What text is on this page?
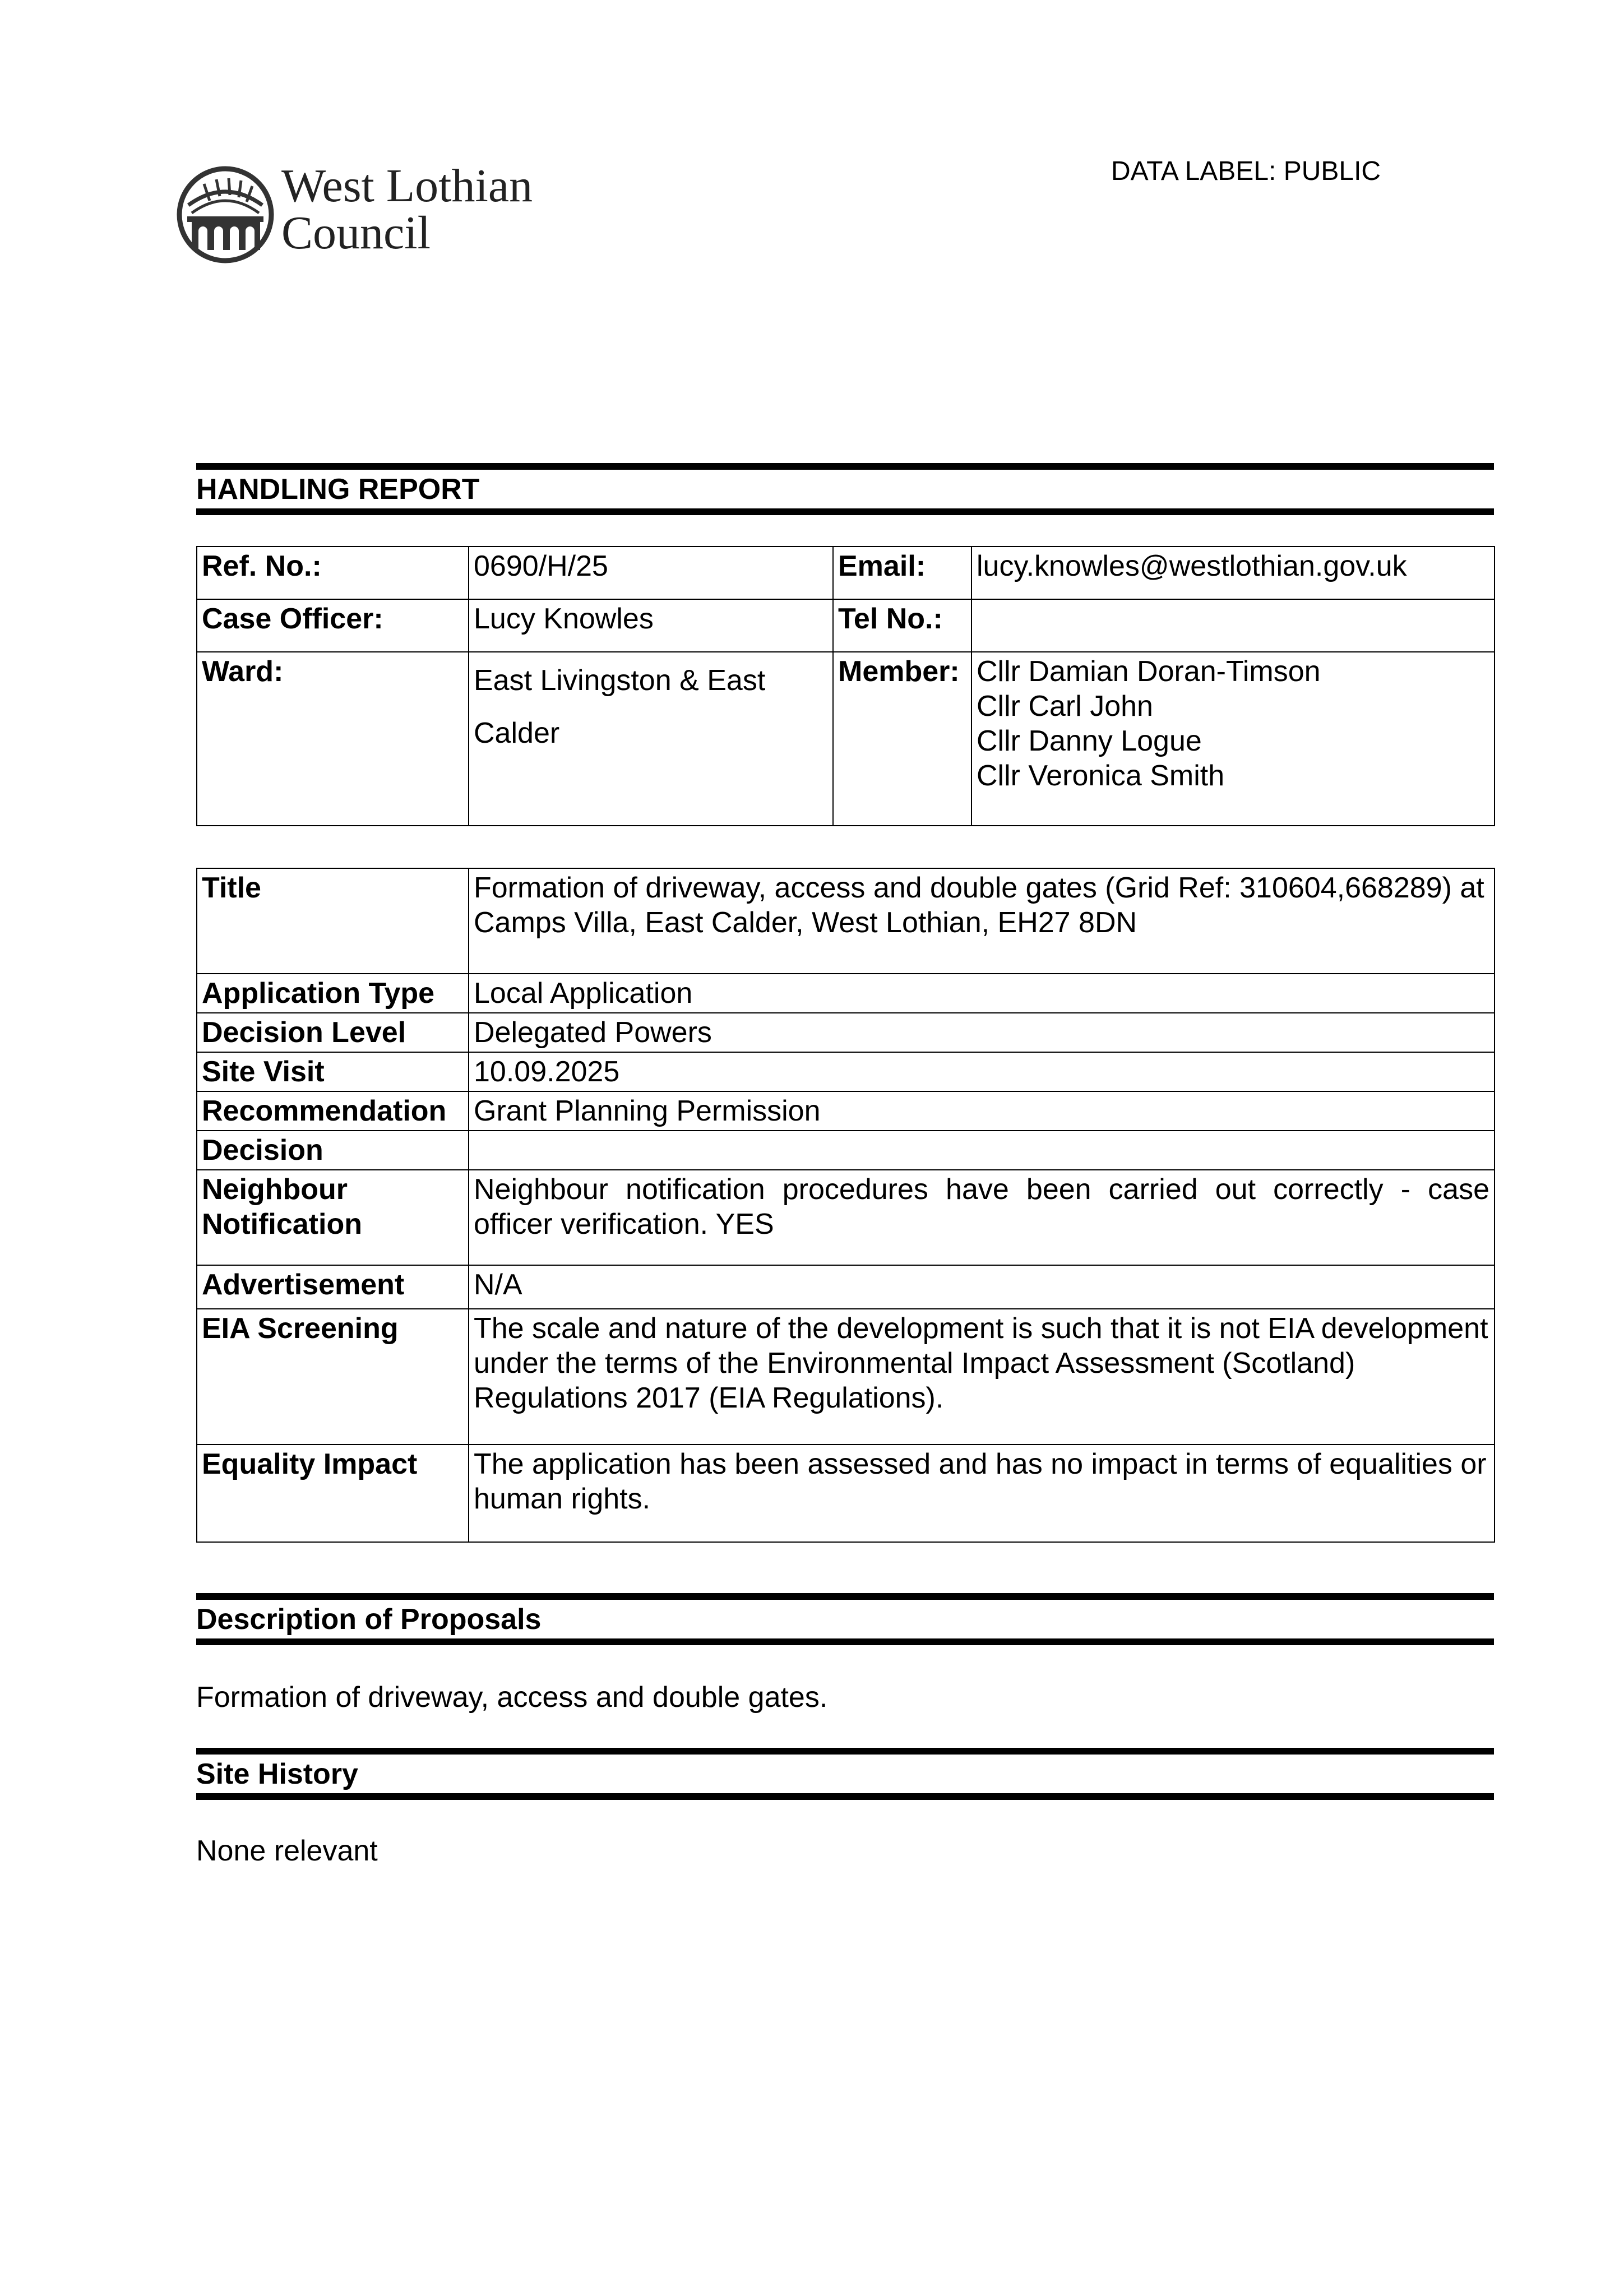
West Lothian
Council
DATA LABEL: PUBLIC
HANDLING REPORT
Ref. No.:	0690/H/25	Email:	lucy.knowles@westlothian.gov.uk
Case Officer:	Lucy Knowles	Tel No.:	
Ward:	East Livingston & East Calder	Member:	Cllr Damian Doran-Timson
Cllr Carl John
Cllr Danny Logue
Cllr Veronica Smith
Title	Formation of driveway, access and double gates (Grid Ref: 310604,668289) at Camps Villa, East Calder, West Lothian, EH27 8DN
Application Type	Local Application
Decision Level	Delegated Powers
Site Visit	10.09.2025
Recommendation	Grant Planning Permission
Decision	
Neighbour Notification	Neighbour notification procedures have been carried out correctly - case officer verification. YES
Advertisement	N/A
EIA Screening	The scale and nature of the development is such that it is not EIA development under the terms of the Environmental Impact Assessment (Scotland) Regulations 2017 (EIA Regulations).
Equality Impact	The application has been assessed and has no impact in terms of equalities or human rights.
Description of Proposals
Formation of driveway, access and double gates.
Site History
None relevant
